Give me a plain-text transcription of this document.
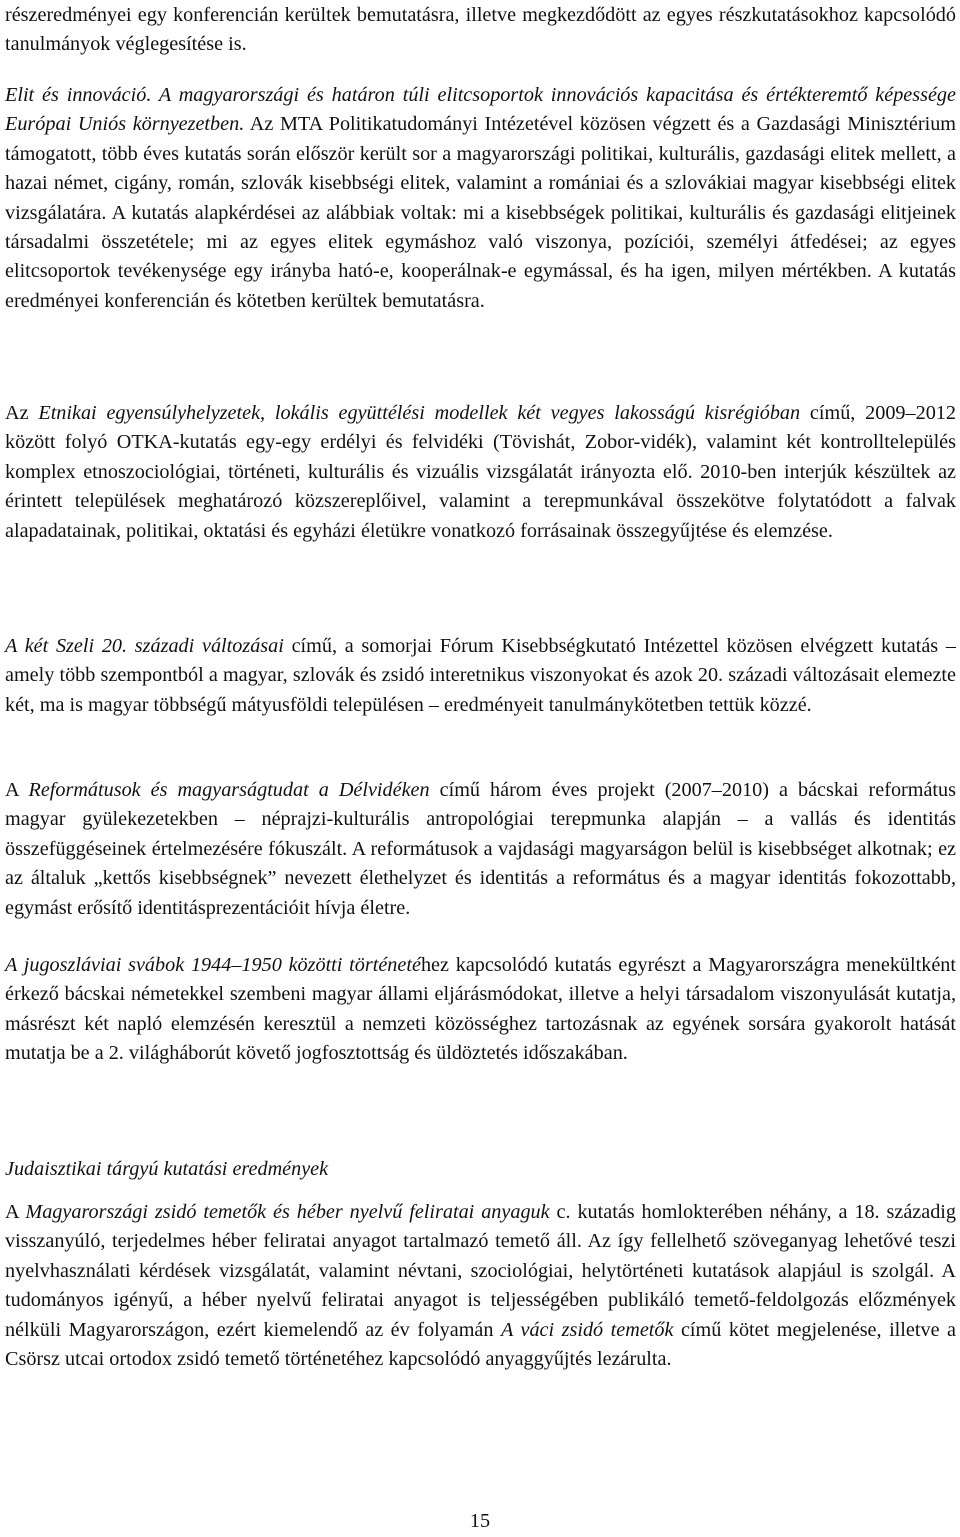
részeredményei egy konferencián kerültek bemutatásra, illetve megkezdődött az egyes részkutatásokhoz kapcsolódó tanulmányok véglegesítése is.

Elit és innováció. A magyarországi és határon túli elitcsoportok innovációs kapacitása és értékteremtő képessége Európai Uniós környezetben. Az MTA Politikatudományi Intézetével közösen végzett és a Gazdasági Minisztérium támogatott, több éves kutatás során először került sor a magyarországi politikai, kulturális, gazdasági elitek mellett, a hazai német, cigány, román, szlovák kisebbségi elitek, valamint a romániai és a szlovákiai magyar kisebbségi elitek vizsgálatára. A kutatás alapkérdései az alábbiak voltak: mi a kisebbségek politikai, kulturális és gazdasági elitjeinek társadalmi összetétele; mi az egyes elitek egymáshoz való viszonya, pozíciói, személyi átfedései; az egyes elitcsoportok tevékenysége egy irányba ható-e, kooperálnak-e egymással, és ha igen, milyen mértékben. A kutatás eredményei konferencián és kötetben kerültek bemutatásra.

Az Etnikai egyensúlyhelyzetek, lokális együttélési modellek két vegyes lakosságú kisrégióban című, 2009–2012 között folyó OTKA-kutatás egy-egy erdélyi és felvidéki (Tövishát, Zobor-vidék), valamint két kontrolltelepülés komplex etnoszociológiai, történeti, kulturális és vizuális vizsgálatát irányozta elő. 2010-ben interjúk készültek az érintett települések meghatározó közszereplőivel, valamint a terepmunkával összekötve folytatódott a falvak alapadatainak, politikai, oktatási és egyházi életükre vonatkozó forrásainak összegyűjtése és elemzése.

A két Szeli 20. századi változásai című, a somorjai Fórum Kisebbségkutató Intézettel közösen elvégzett kutatás – amely több szempontból a magyar, szlovák és zsidó interetnikus viszonyokat és azok 20. századi változásait elemezte két, ma is magyar többségű mátyusföldi településen – eredményeit tanulmánykötetben tettük közzé.

A Reformátusok és magyarságtudat a Délvidéken című három éves projekt (2007–2010) a bácskai református magyar gyülekezetekben – néprajzi-kulturális antropológiai terepmunka alapján – a vallás és identitás összefüggéseinek értelmezésére fókuszált. A reformátusok a vajdasági magyarságon belül is kisebbséget alkotnak; ez az általuk „kettős kisebbségnek” nevezett élethelyzet és identitás a református és a magyar identitás fokozottabb, egymást erősítő identitásprezentációit hívja életre.

A jugoszláviai svábok 1944–1950 közötti történetéhez kapcsolódó kutatás egyrészt a Magyarországra menekültként érkező bácskai németekkel szembeni magyar állami eljárásmódokat, illetve a helyi társadalom viszonyulását kutatja, másrészt két napló elemzésén keresztül a nemzeti közösséghez tartozásnak az egyének sorsára gyakorolt hatását mutatja be a 2. világháborút követő jogfosztottság és üldöztetés időszakában.

Judaisztikai tárgyú kutatási eredmények

A Magyarországi zsidó temetők és héber nyelvű feliratai anyaguk c. kutatás homlokterében néhány, a 18. századig visszanyúló, terjedelmes héber feliratai anyagot tartalmazó temető áll. Az így fellelhető szöveganyag lehetővé teszi nyelvhasználati kérdések vizsgálatát, valamint névtani, szociológiai, helytörténeti kutatások alapjául is szolgál. A tudományos igényű, a héber nyelvű feliratai anyagot is teljességében publikáló temető-feldolgozás előzmények nélküli Magyarországon, ezért kiemelendő az év folyamán A váci zsidó temetők című kötet megjelenése, illetve a Csörsz utcai ortodox zsidó temető történetéhez kapcsolódó anyaggyűjtés lezárulta.

15
